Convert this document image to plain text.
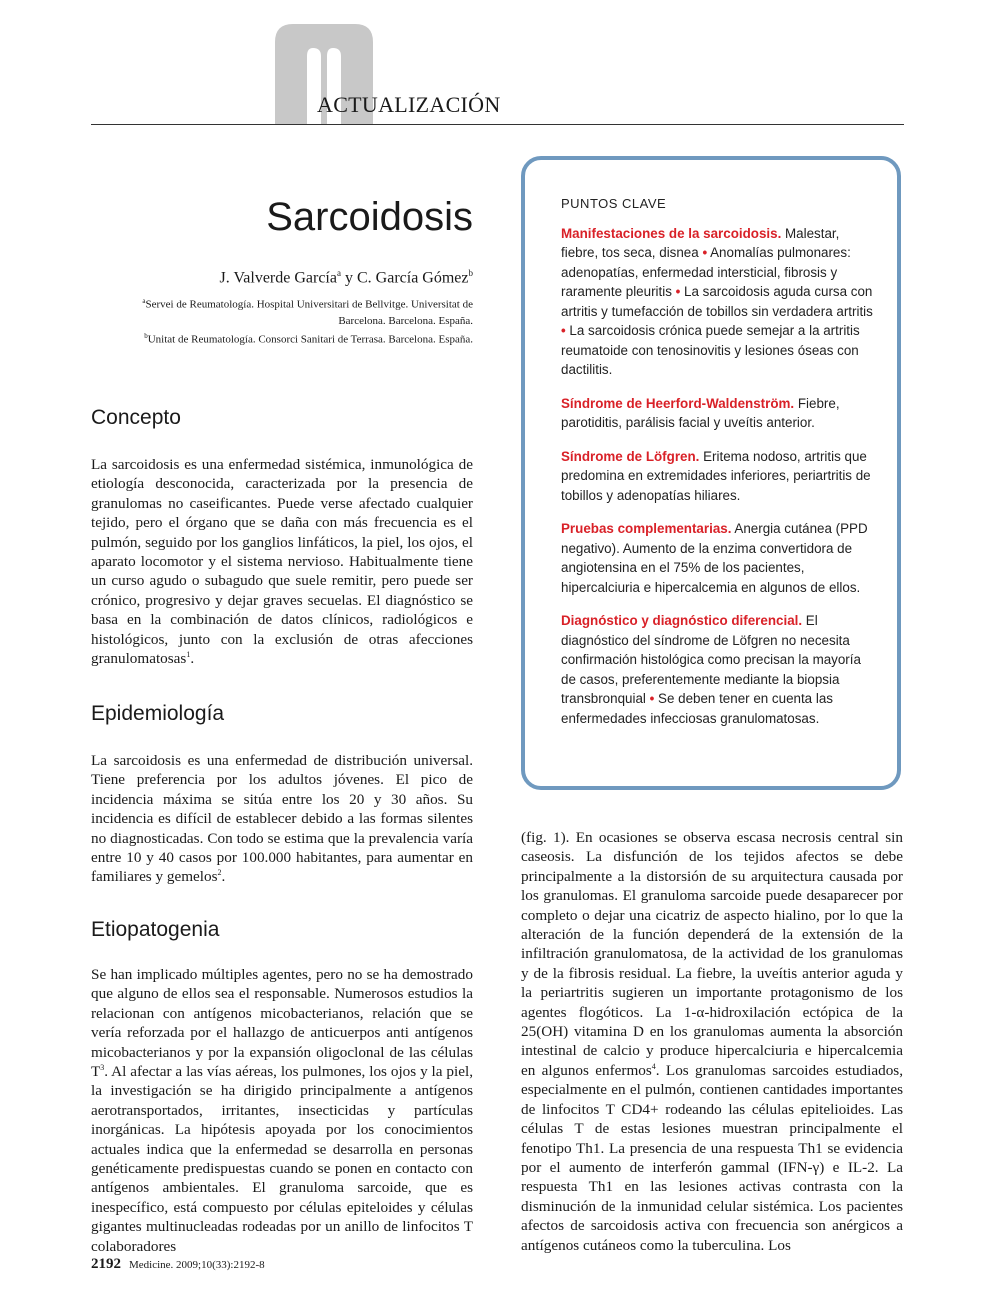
ACTUALIZACIÓN
Sarcoidosis
J. Valverde García$^a$ y C. García Gómez$^b$
$^a$Servei de Reumatología. Hospital Universitari de Bellvitge. Universitat de
Barcelona. Barcelona. España.
$^b$Unitat de Reumatología. Consorci Sanitari de Terrasa. Barcelona. España.
Concepto

La sarcoidosis es una enfermedad sistémica, inmunológica de etiología desconocida, caracterizada por la presencia de granulomas no caseificantes. Puede verse afectado cualquier tejido, pero el órgano que se daña con más frecuencia es el pulmón, seguido por los ganglios linfáticos, la piel, los ojos, el aparato locomotor y el sistema nervioso. Habitualmente tiene un curso agudo o subagudo que suele remitir, pero puede ser crónico, progresivo y dejar graves secuelas. El diagnóstico se basa en la combinación de datos clínicos, radiológicos e histológicos, junto con la exclusión de otras afecciones granulomatosas$^1$.

Epidemiología

La sarcoidosis es una enfermedad de distribución universal. Tiene preferencia por los adultos jóvenes. El pico de incidencia máxima se sitúa entre los 20 y 30 años. Su incidencia es difícil de establecer debido a las formas silentes no diagnosticadas. Con todo se estima que la prevalencia varía entre 10 y 40 casos por 100.000 habitantes, para aumentar en familiares y gemelos$^2$.

Etiopatogenia

Se han implicado múltiples agentes, pero no se ha demostrado que alguno de ellos sea el responsable. Numerosos estudios la relacionan con antígenos micobacterianos, relación que se vería reforzada por el hallazgo de anticuerpos anti antígenos micobacterianos y por la expansión oligoclonal de las células $T^3$. Al afectar a las vías aéreas, los pulmones, los ojos y la piel, la investigación se ha dirigido principalmente a antígenos aerotransportados, irritantes, insecticidas y partículas inorgánicas. La hipótesis apoyada por los conocimientos actuales indica que la enfermedad se desarrolla en personas genéticamente predispuestas cuando se ponen en contacto con antígenos ambientales. El granuloma sarcoide, que es inespecífico, está compuesto por células epiteloides y células gigantes multinucleadas rodeadas por un anillo de linfocitos T colaboradores

PUNTOS CLAVE

Manifestaciones de la sarcoidosis. Malestar, fiebre, tos seca, disnea • Anomalías pulmonares: adenopatías, enfermedad intersticial, fibrosis y raramente pleuritis • La sarcoidosis aguda cursa con artritis y tumefacción de tobillos sin verdadera artritis • La sarcoidosis crónica puede semejar a la artritis reumatoide con tenosinovitis y lesiones óseas con dactilitis.

Síndrome de Heerford-Waldenström. Fiebre, parotiditis, parálisis facial y uveítis anterior.

Síndrome de Löfgren. Eritema nodoso, artritis que predomina en extremidades inferiores, periartritis de tobillos y adenopatías hiliares.

Pruebas complementarias. Anergia cutánea (PPD negativo). Aumento de la enzima convertidora de angiotensina en el 75% de los pacientes, hipercalciuria e hipercalcemia en algunos de ellos.

Diagnóstico y diagnóstico diferencial. El diagnóstico del síndrome de Löfgren no necesita confirmación histológica como precisan la mayoría de casos, preferentemente mediante la biopsia transbronquial • Se deben tener en cuenta las enfermedades infecciosas granulomatosas.

(fig. 1). En ocasiones se observa escasa necrosis central sin caseosis. La disfunción de los tejidos afectos se debe principalmente a la distorsión de su arquitectura causada por los granulomas. El granuloma sarcoide puede desaparecer por completo o dejar una cicatriz de aspecto hialino, por lo que la alteración de la función dependerá de la extensión de la infiltración granulomatosa, de la actividad de los granulomas y de la fibrosis residual. La fiebre, la uveítis anterior aguda y la periartritis sugieren un importante protagonismo de los agentes flogóticos. La 1-α-hidroxilación ectópica de la 25(OH) vitamina D en los granulomas aumenta la absorción intestinal de calcio y produce hipercalciuria e hipercalcemia en algunos enfermos$^4$. Los granulomas sarcoides estudiados, especialmente en el pulmón, contienen cantidades importantes de linfocitos T CD4+ rodeando las células epitelioides. Las células T de estas lesiones muestran principalmente el fenotipo Th1. La presencia de una respuesta Th1 se evidencia por el aumento de interferón gammal (IFN-γ) e IL-2. La respuesta Th1 en las lesiones activas contrasta con la disminución de la inmunidad celular sistémica. Los pacientes afectos de sarcoidosis activa con frecuencia son anérgicos a antígenos cutáneos como la tuberculina. Los

2192 Medicine. 2009;10(33):2192-8
